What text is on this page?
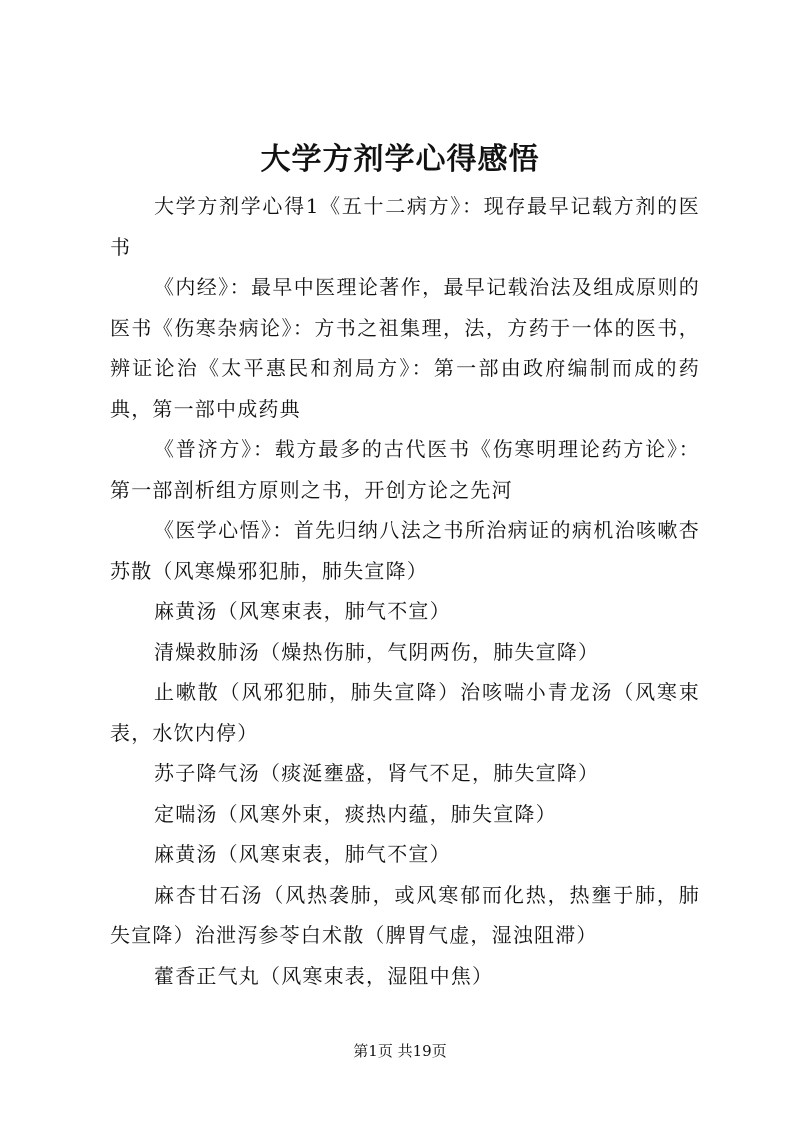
大学方剂学心得感悟

大学方剂学心得1《五十二病方》：现存最早记载方剂的医书

《内经》：最早中医理论著作，最早记载治法及组成原则的医书《伤寒杂病论》：方书之祖集理，法，方药于一体的医书，辨证论治《太平惠民和剂局方》：第一部由政府编制而成的药典，第一部中成药典

《普济方》：载方最多的古代医书《伤寒明理论药方论》：第一部剖析组方原则之书，开创方论之先河

《医学心悟》：首先归纳八法之书所治病证的病机治咳嗽杏苏散（风寒燥邪犯肺，肺失宣降）

麻黄汤（风寒束表，肺气不宣）

清燥救肺汤（燥热伤肺，气阴两伤，肺失宣降）

止嗽散（风邪犯肺，肺失宣降）治咳喘小青龙汤（风寒束表，水饮内停）

苏子降气汤（痰涎壅盛，肾气不足，肺失宣降）

定喘汤（风寒外束，痰热内蕴，肺失宣降）

麻黄汤（风寒束表，肺气不宣）

麻杏甘石汤（风热袭肺，或风寒郁而化热，热壅于肺，肺失宣降）治泄泻参苓白术散（脾胃气虚，湿浊阻滞）

藿香正气丸（风寒束表，湿阻中焦）

第1页 共19页
